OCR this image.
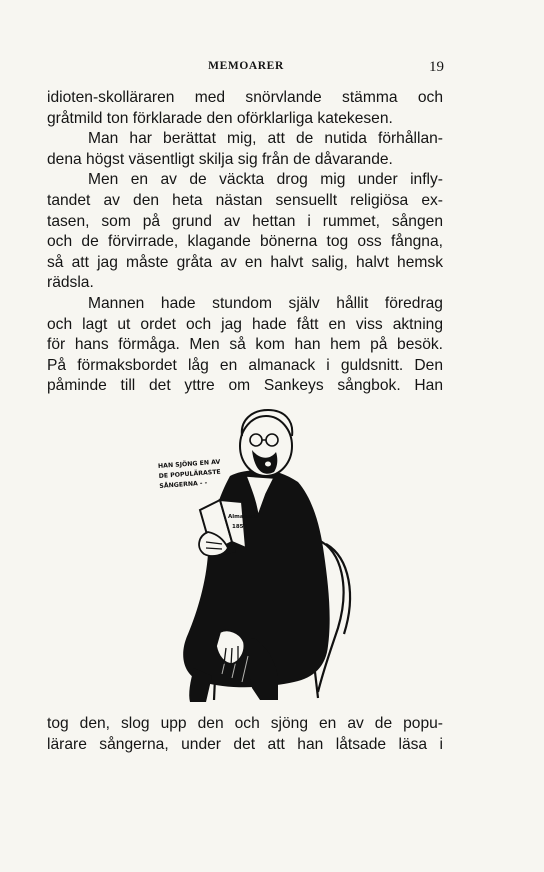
MEMOARER	19
idioten-skolläraren med snörvlande stämma och
gråtmild ton förklarade den oförklarliga katekesen.
Man har berättat mig, att de nutida förhållan-
dena högst väsentligt skilja sig från de dåvarande.
Men en av de väckta drog mig under infly-
tandet av den heta nästan sensuellt religiösa ex-
tasen, som på grund av hettan i rummet, sången
och de förvirrade, klagande bönerna tog oss fångna,
så att jag måste gråta av en halvt salig, halvt hemsk
rädsla.
Mannen hade stundom själv hållit föredrag
och lagt ut ordet och jag hade fått en viss aktning
för hans förmåga. Men så kom han hem på besök.
På förmaksbordet låg en almanack i guldsnitt. Den
påminde till det yttre om Sankeys sångbok. Han
Almanack
1851
HAN SJÖNG EN AV
DE POPULÄRASTE
SÅNGERNA - -
tog den, slog upp den och sjöng en av de popu-
lärare sångerna, under det att han låtsade läsa i
